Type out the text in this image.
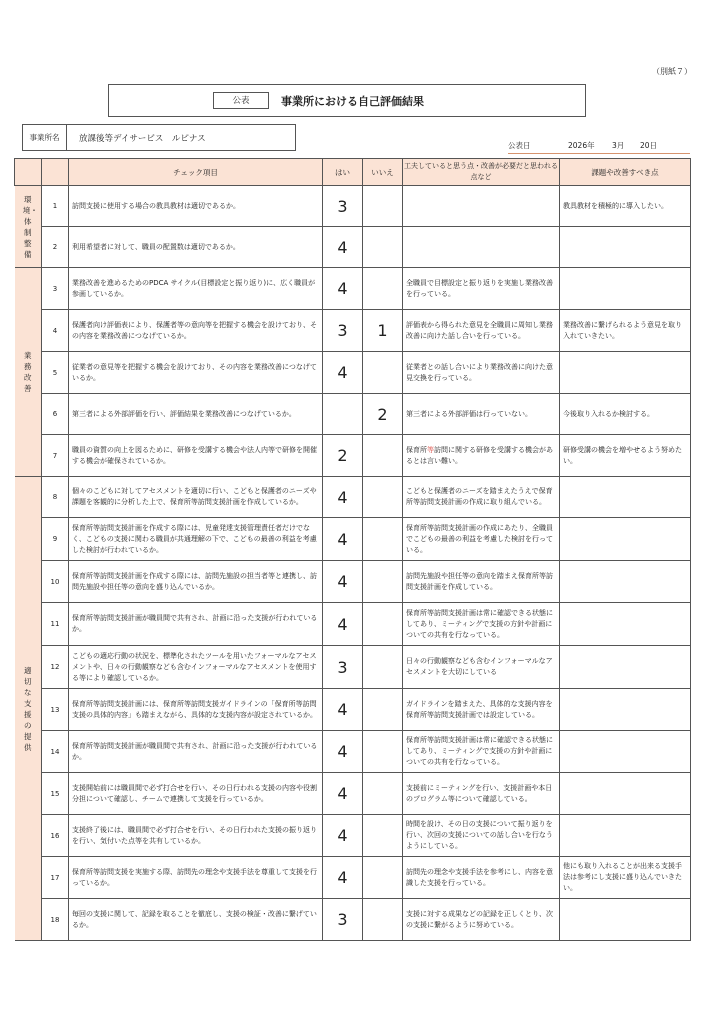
（別紙７）
公表	事業所における自己評価結果
事業所名	放課後等デイサービス　ルピナス
公表日	2026年 3月 20日
		チェック項目	はい	いいえ	工夫していると思う点・改善が必要だと思われる点など	課題や改善すべき点

環境・体制整備	1	訪問支援に使用する場合の教具教材は適切であるか。	3			教具教材を積極的に導入したい。
	2	利用希望者に対して、職員の配置数は適切であるか。	4			

業務改善	3	業務改善を進めるためのPDCA サイクル(目標設定と振り返り)に、広く職員が参画しているか。	4		全職員で目標設定と振り返りを実施し業務改善を行っている。	
	4	保護者向け評価表により、保護者等の意向等を把握する機会を設けており、その内容を業務改善につなげているか。	3	1	評価表から得られた意見を全職員に周知し業務改善に向けた話し合いを行っている。	業務改善に繋げられるよう意見を取り入れていきたい。
	5	従業者の意見等を把握する機会を設けており、その内容を業務改善につなげているか。	4		従業者との話し合いにより業務改善に向けた意見交換を行っている。	
	6	第三者による外部評価を行い、評価結果を業務改善につなげているか。		2	第三者による外部評価は行っていない。	今後取り入れるか検討する。
	7	職員の資質の向上を図るために、研修を受講する機会や法人内等で研修を開催する機会が確保されているか。	2		保育所等訪問に関する研修を受講する機会があるとは言い難い。	研修受講の機会を増やせるよう努めたい。

適切な支援の提供	8	個々のこどもに対してアセスメントを適切に行い、こどもと保護者のニーズや課題を客観的に分析した上で、保育所等訪問支援計画を作成しているか。	4		こどもと保護者のニーズを踏まえたうえで保育所等訪問支援計画の作成に取り組んでいる。	
	9	保育所等訪問支援計画を作成する際には、児童発達支援管理責任者だけでなく、こどもの支援に関わる職員が共通理解の下で、こどもの最善の利益を考慮した検討が行われているか。	4		保育所等訪問支援計画の作成にあたり、全職員でこどもの最善の利益を考慮した検討を行っている。	
	10	保育所等訪問支援計画を作成する際には、訪問先施設の担当者等と連携し、訪問先施設や担任等の意向を盛り込んでいるか。	4		訪問先施設や担任等の意向を踏まえ保育所等訪問支援計画を作成している。	
	11	保育所等訪問支援計画が職員間で共有され、計画に沿った支援が行われているか。	4		保育所等訪問支援計画は常に確認できる状態にしてあり、ミーティングで支援の方針や計画についての共有を行なっている。	
	12	こどもの適応行動の状況を、標準化されたツールを用いたフォーマルなアセスメントや、日々の行動観察なども含むインフォーマルなアセスメントを使用する等により確認しているか。	3		日々の行動観察なども含むインフォーマルなアセスメントを大切にしている	
	13	保育所等訪問支援計画には、保育所等訪問支援ガイドラインの「保育所等訪問支援の具体的内容」も踏まえながら、具体的な支援内容が設定されているか。	4		ガイドラインを踏まえた、具体的な支援内容を保育所等訪問支援計画では設定している。	
	14	保育所等訪問支援計画が職員間で共有され、計画に沿った支援が行われているか。	4		保育所等訪問支援計画は常に確認できる状態にしてあり、ミーティングで支援の方針や計画についての共有を行なっている。	
	15	支援開始前には職員間で必ず打合せを行い、その日行われる支援の内容や役割分担について確認し、チームで連携して支援を行っているか。	4		支援前にミーティングを行い、支援計画や本日のプログラム等について確認している。	
	16	支援終了後には、職員間で必ず打合せを行い、その日行われた支援の振り返りを行い、気付いた点等を共有しているか。	4		時間を設け、その日の支援について振り返りを行い、次回の支援についての話し合いを行なうようにしている。	
	17	保育所等訪問支援を実施する際、訪問先の理念や支援手法を尊重して支援を行っているか。	4		訪問先の理念や支援手法を参考にし、内容を意識した支援を行っている。	他にも取り入れることが出来る支援手法は参考にし支援に盛り込んでいきたい。
	18	毎回の支援に関して、記録を取ることを徹底し、支援の検証・改善に繋げているか。	3		支援に対する成果などの記録を正しくとり、次の支援に繋がるように努めている。	
